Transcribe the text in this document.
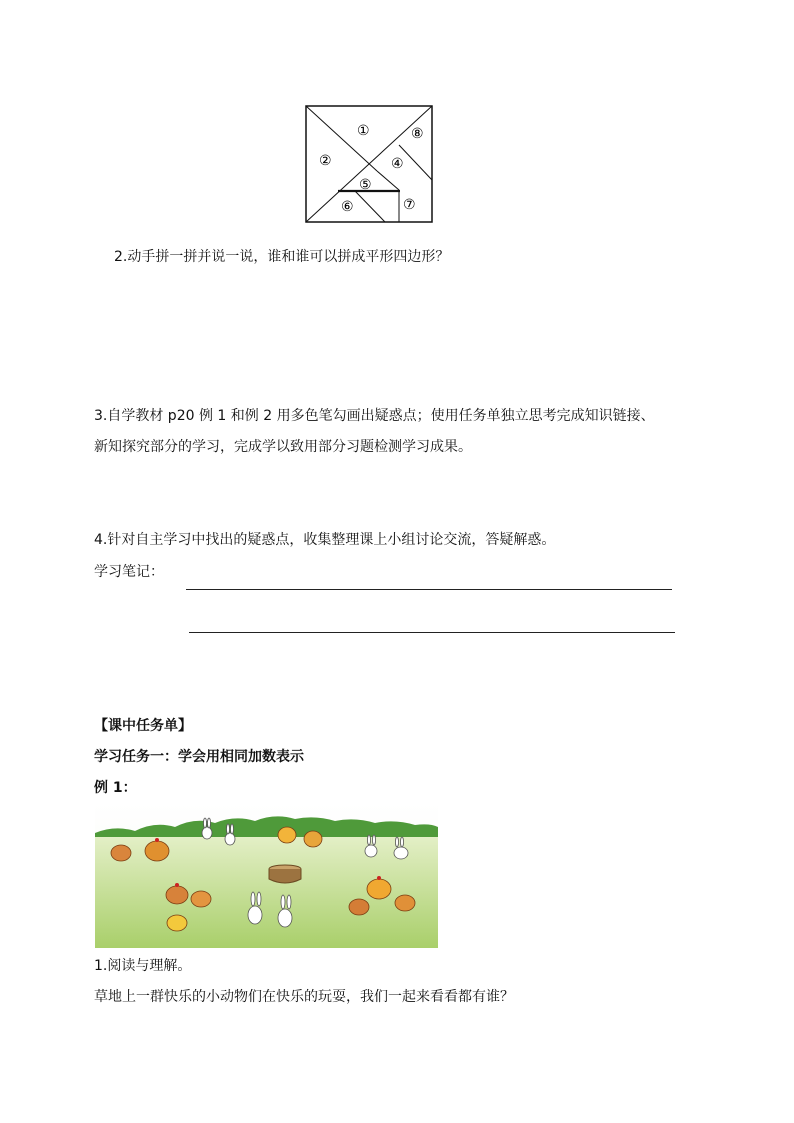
①
②	④
⑤
⑥	⑦
⑧
2.动手拼一拼并说一说，谁和谁可以拼成平形四边形？
3.自学教材 p20 例 1 和例 2 用多色笔勾画出疑惑点；使用任务单独立思考完成知识链接、
新知探究部分的学习，完成学以致用部分习题检测学习成果。
4.针对自主学习中找出的疑惑点，收集整理课上小组讨论交流，答疑解惑。
学习笔记：
【课中任务单】
学习任务一：学会用相同加数表示
例 1：
1.阅读与理解。
草地上一群快乐的小动物们在快乐的玩耍，我们一起来看看都有谁？
